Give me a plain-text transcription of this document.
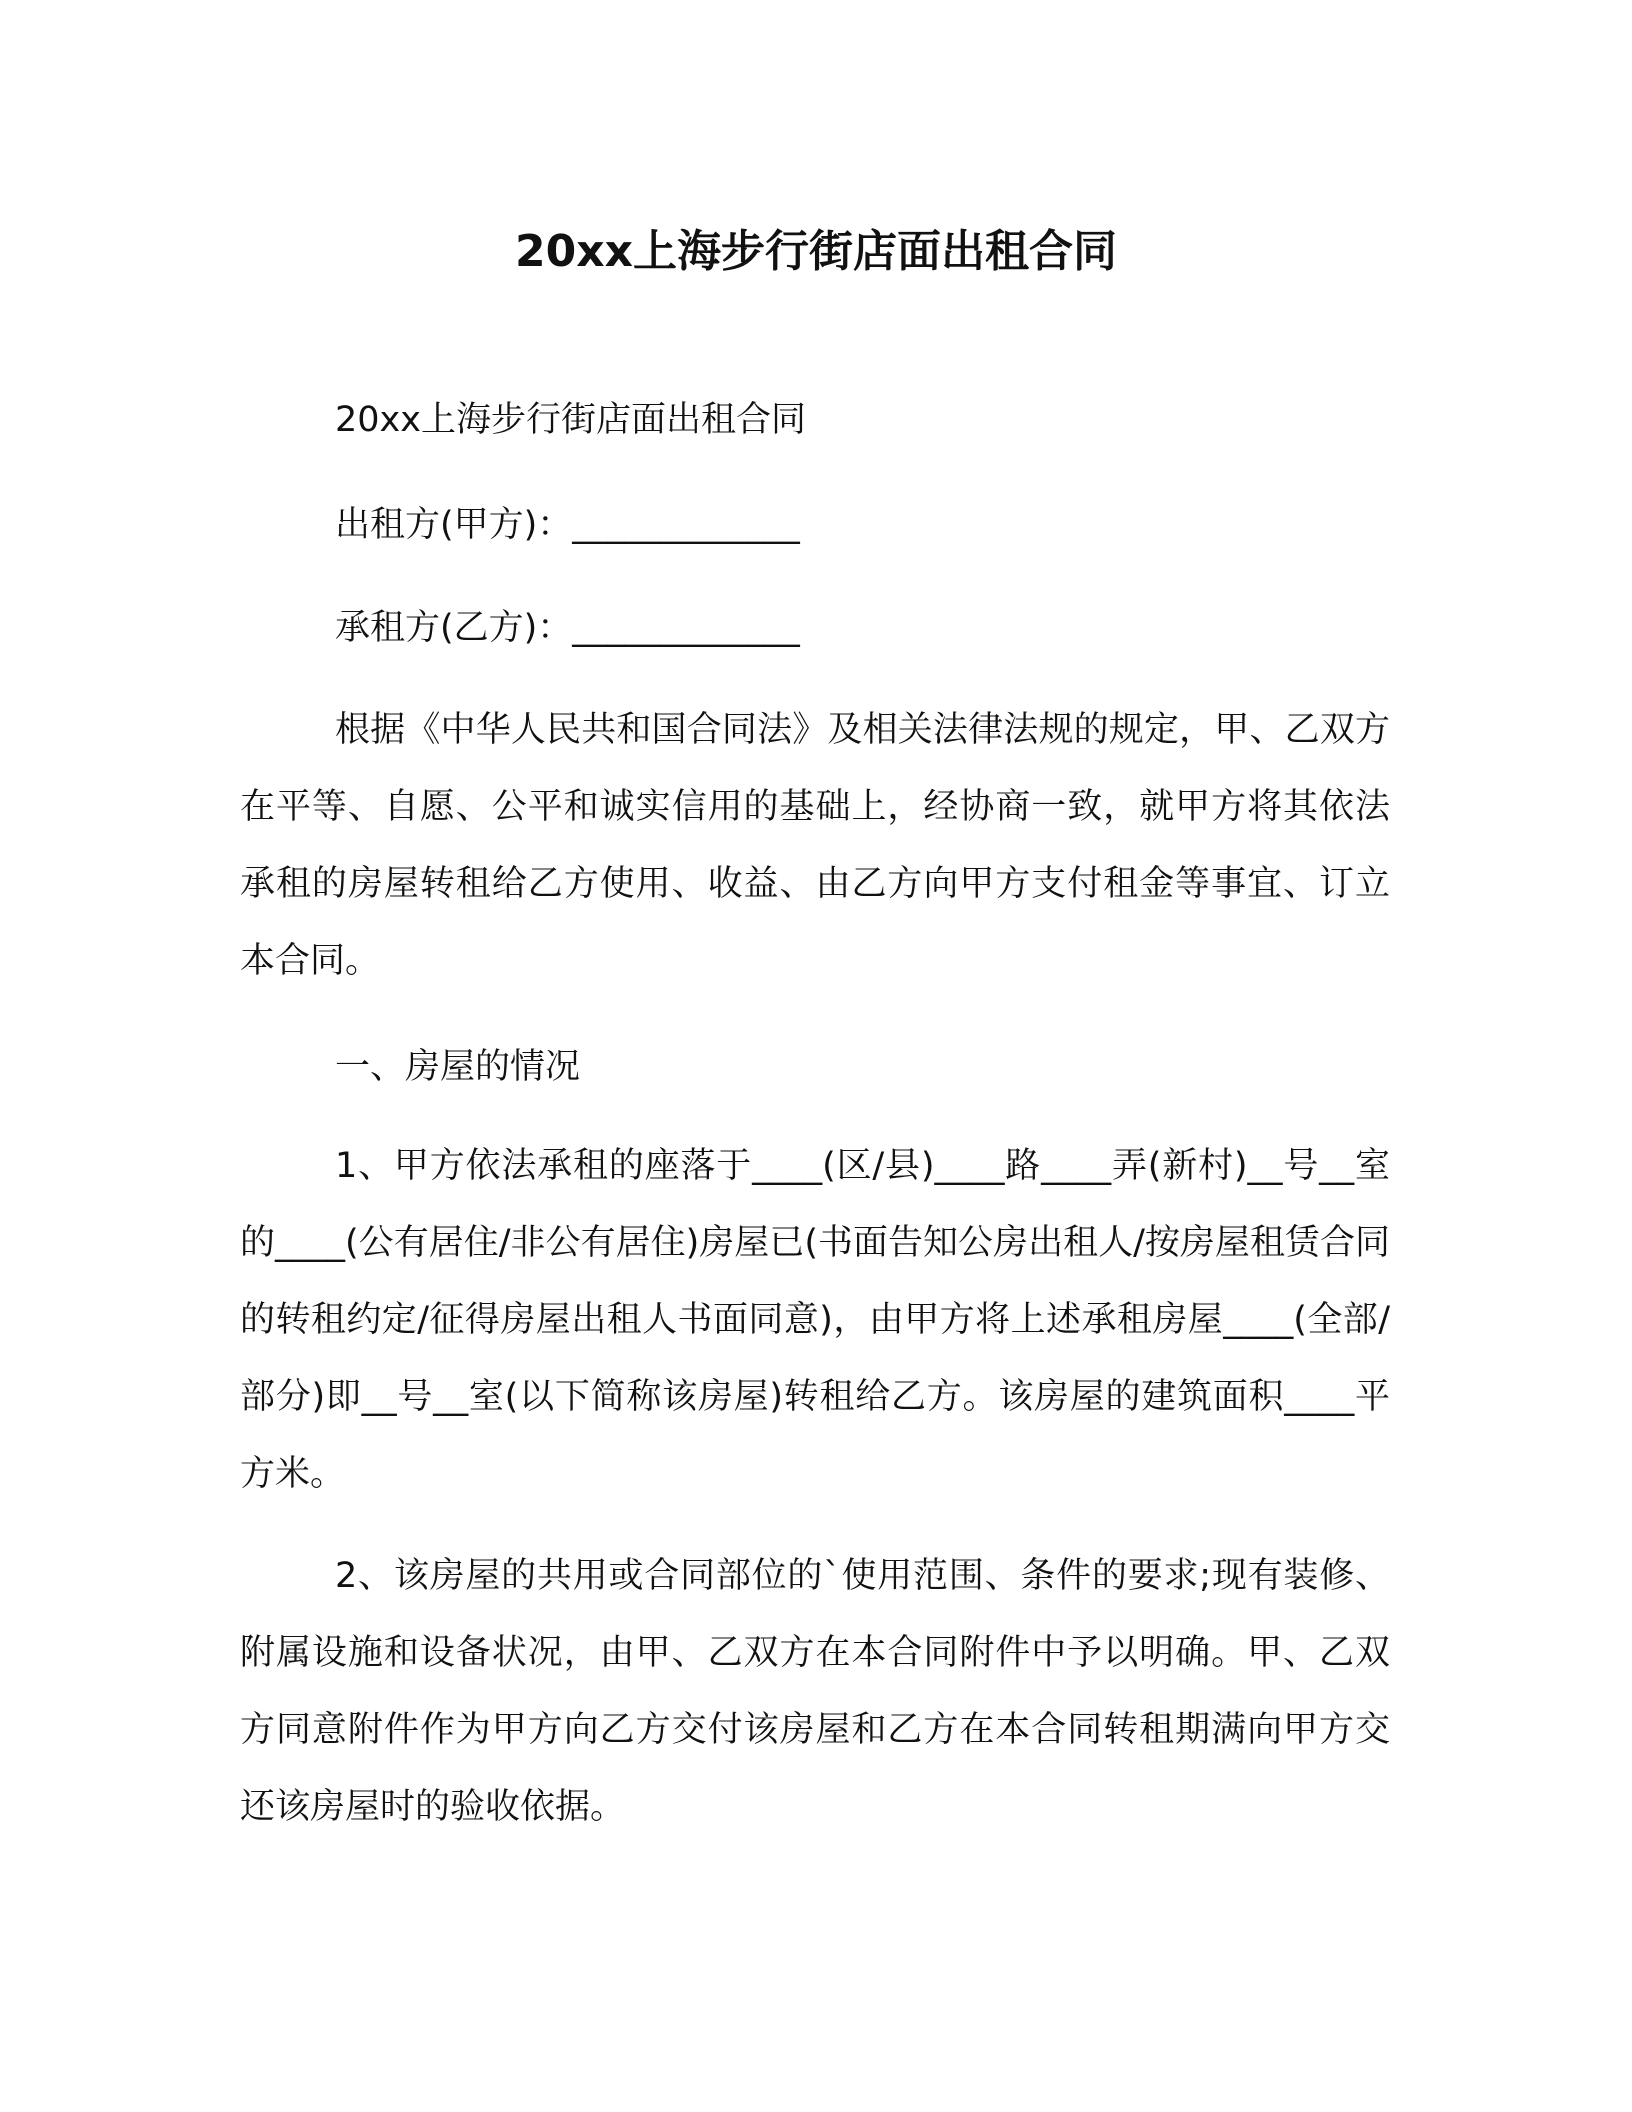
20xx上海步行街店面出租合同
20xx上海步行街店面出租合同
出租方(甲方)：_____________
承租方(乙方)：_____________

根据《中华人民共和国合同法》及相关法律法规的规定，甲、乙双方在平等、自愿、公平和诚实信用的基础上，经协商一致，就甲方将其依法承租的房屋转租给乙方使用、收益、由乙方向甲方支付租金等事宜、订立本合同。

一、房屋的情况

1、甲方依法承租的座落于____(区/县)____路____弄(新村)__号__室的____(公有居住/非公有居住)房屋已(书面告知公房出租人/按房屋租赁合同的转租约定/征得房屋出租人书面同意)，由甲方将上述承租房屋____(全部/部分)即__号__室(以下简称该房屋)转租给乙方。该房屋的建筑面积____平方米。

2、该房屋的共用或合同部位的`使用范围、条件的要求;现有装修、附属设施和设备状况，由甲、乙双方在本合同附件中予以明确。甲、乙双方同意附件作为甲方向乙方交付该房屋和乙方在本合同转租期满向甲方交还该房屋时的验收依据。
